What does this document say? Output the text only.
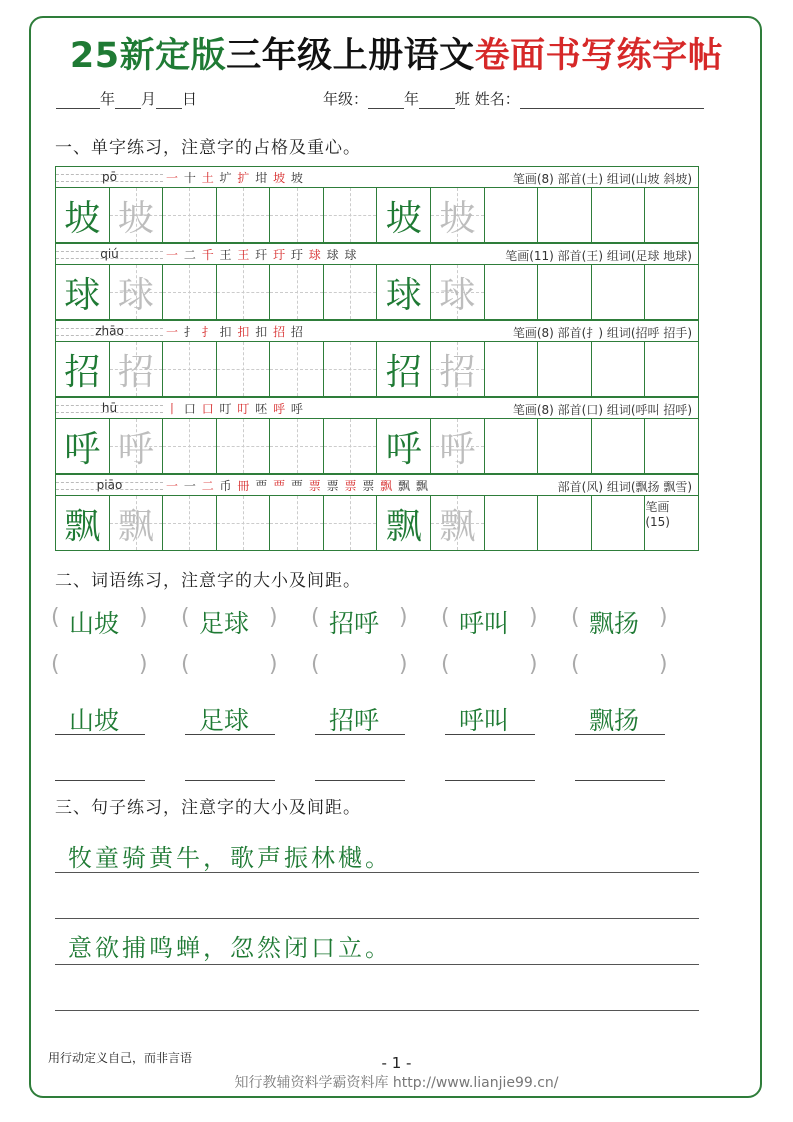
25新定版三年级上册语文卷面书写练字帖
年 月 日	年级： 年 班 姓名：
一、单字练习，注意字的占格及重心。
pō	一 十 土 圹 扩 坩 坡 坡	笔画(8) 部首(土) 组词(山坡 斜坡)
坡 坡	坡 坡
qiú	一 二 千 王 王 玕 玗 玗 球 球 球	笔画(11) 部首(王) 组词(足球 地球)
球 球	球 球
zhāo	一 扌 扌 扣 扣 扣 招 招	笔画(8) 部首(扌) 组词(招呼 招手)
招 招	招 招
hū	丨 口 口 叮 叮 呸 呼 呼	笔画(8) 部首(口) 组词(呼叫 招呼)
呼 呼	呼 呼
piāo	一 一 二 币 冊 覀 覀 覀 票 票 票 票 飘 飘 飘	部首(风) 组词(飘扬 飘雪)
飘 飘	飘 飘	笔画(15)
二、词语练习，注意字的大小及间距。
( 山坡 )
(	)
山坡
( 足球 )
(	)
足球
( 招呼 )
(	)
招呼
( 呼叫 )
(	)
呼叫
( 飘扬 )
(	)
飘扬
三、句子练习，注意字的大小及间距。
牧童骑黄牛，歌声振林樾。
意欲捕鸣蝉，忽然闭口立。
用行动定义自己，而非言语	- 1 -
知行教辅资料学霸资料库 http://www.lianjie99.cn/
